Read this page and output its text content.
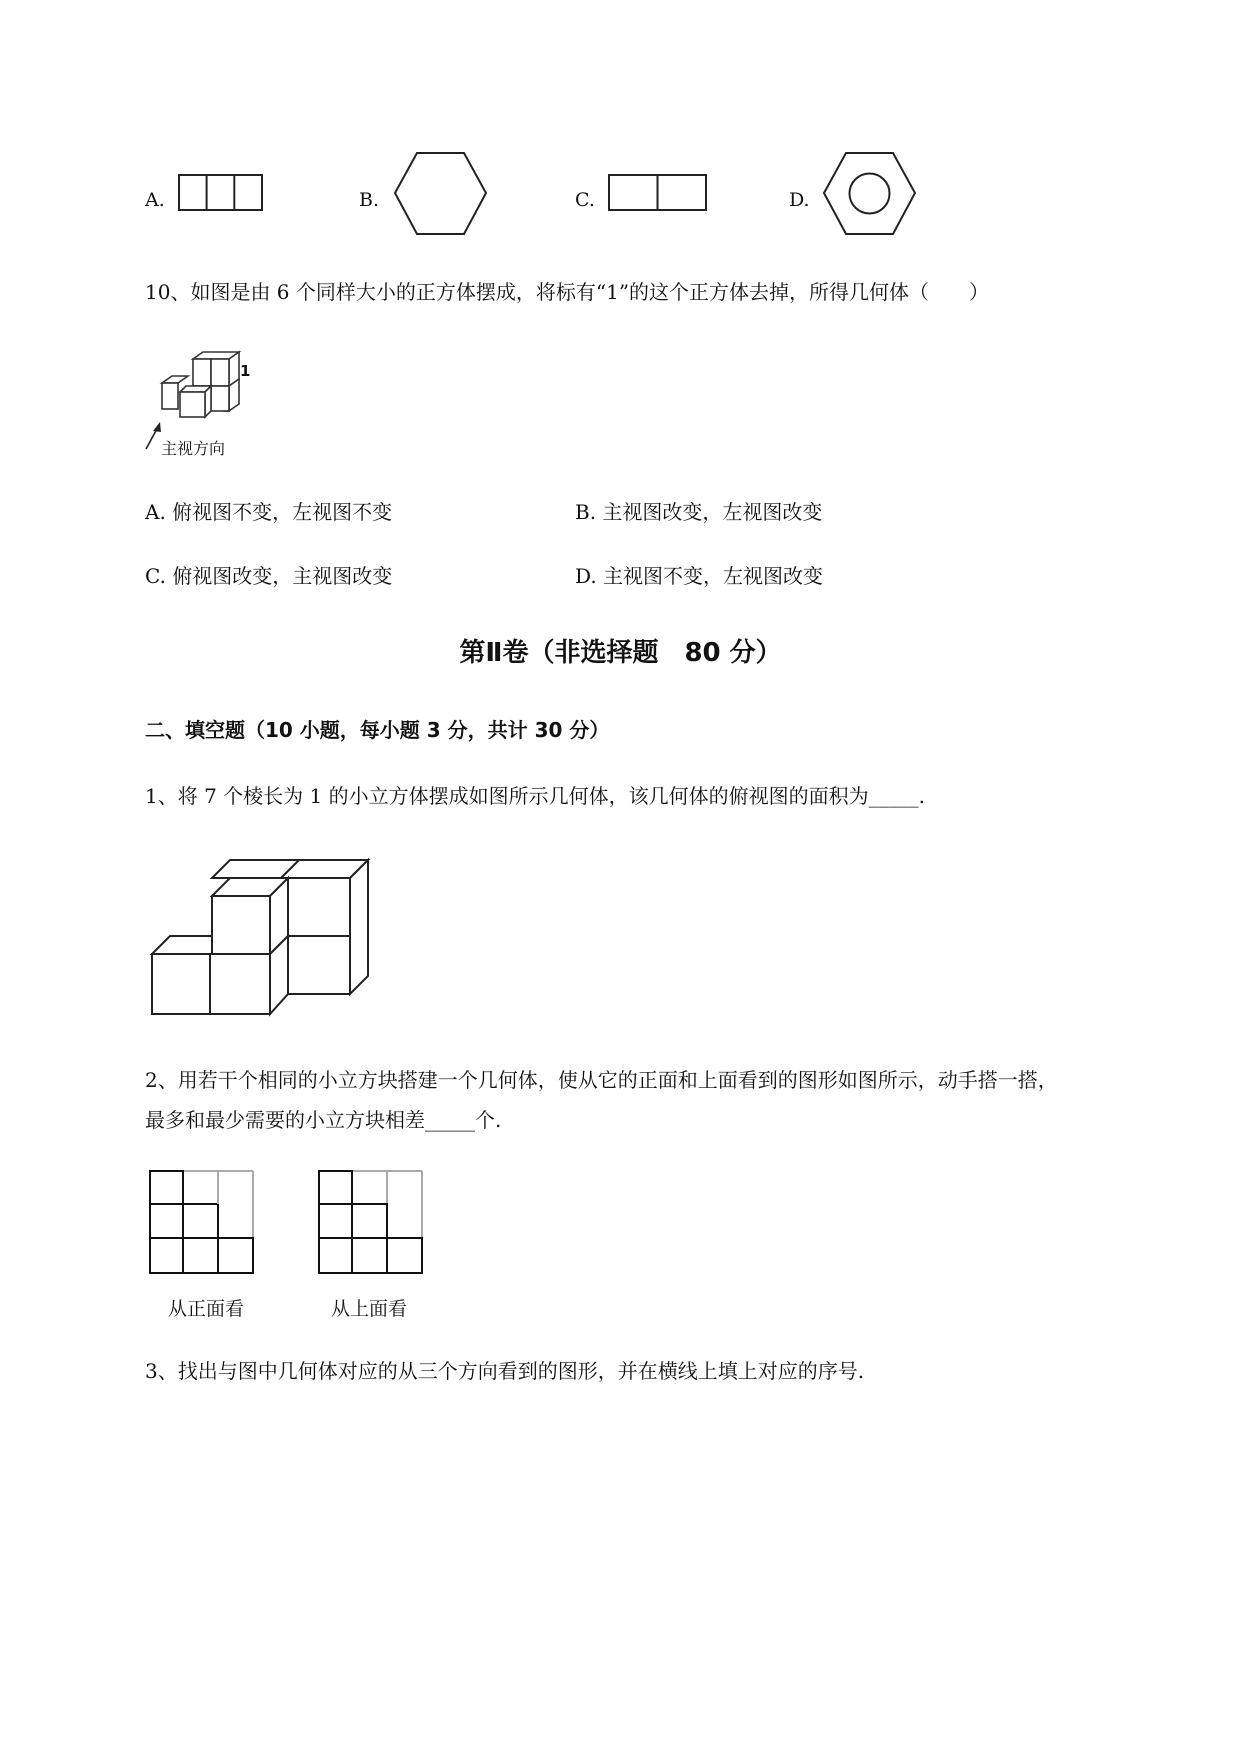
A.	B.	C.	D.
10、如图是由 6 个同样大小的正方体摆成，将标有“1”的这个正方体去掉，所得几何体（　　）
1
主视方向
A. 俯视图不变，左视图不变	B. 主视图改变，左视图改变
C. 俯视图改变，主视图改变	D. 主视图不变，左视图改变
第Ⅱ卷（非选择题　80 分）
二、填空题（10 小题，每小题 3 分，共计 30 分）
1、将 7 个棱长为 1 的小立方体摆成如图所示几何体，该几何体的俯视图的面积为_____.
2、用若干个相同的小立方块搭建一个几何体，使从它的正面和上面看到的图形如图所示，动手搭一搭，
最多和最少需要的小立方块相差_____个.
从正面看	从上面看
3、找出与图中几何体对应的从三个方向看到的图形，并在横线上填上对应的序号.
